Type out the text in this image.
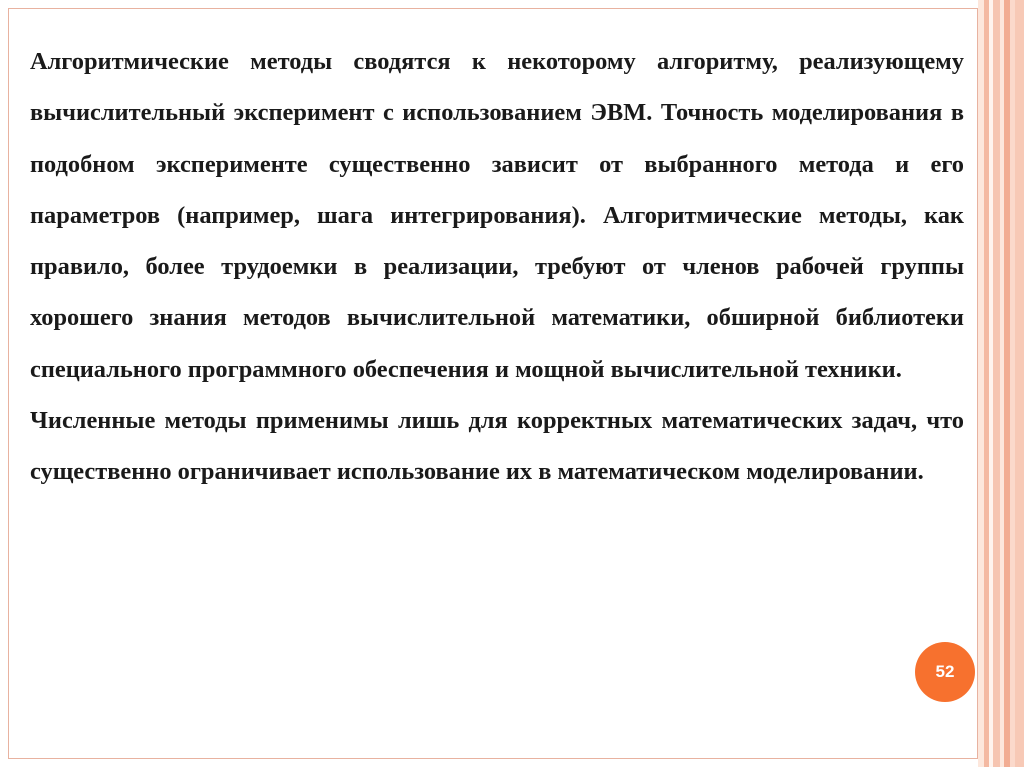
Алгоритмические методы сводятся к некоторому алгоритму, реализующему вычислительный эксперимент с использованием ЭВМ. Точность моделирования в подобном эксперименте существенно зависит от выбранного метода и его параметров (например, шага интегрирования). Алгоритмические методы, как правило, более трудоемки в реализации, требуют от членов рабочей группы хорошего знания методов вычислительной математики, обширной библиотеки специального программного обеспечения и мощной вычислительной техники.

Численные методы применимы лишь для корректных математических задач, что существенно ограничивает использование их в математическом моделировании.

52
